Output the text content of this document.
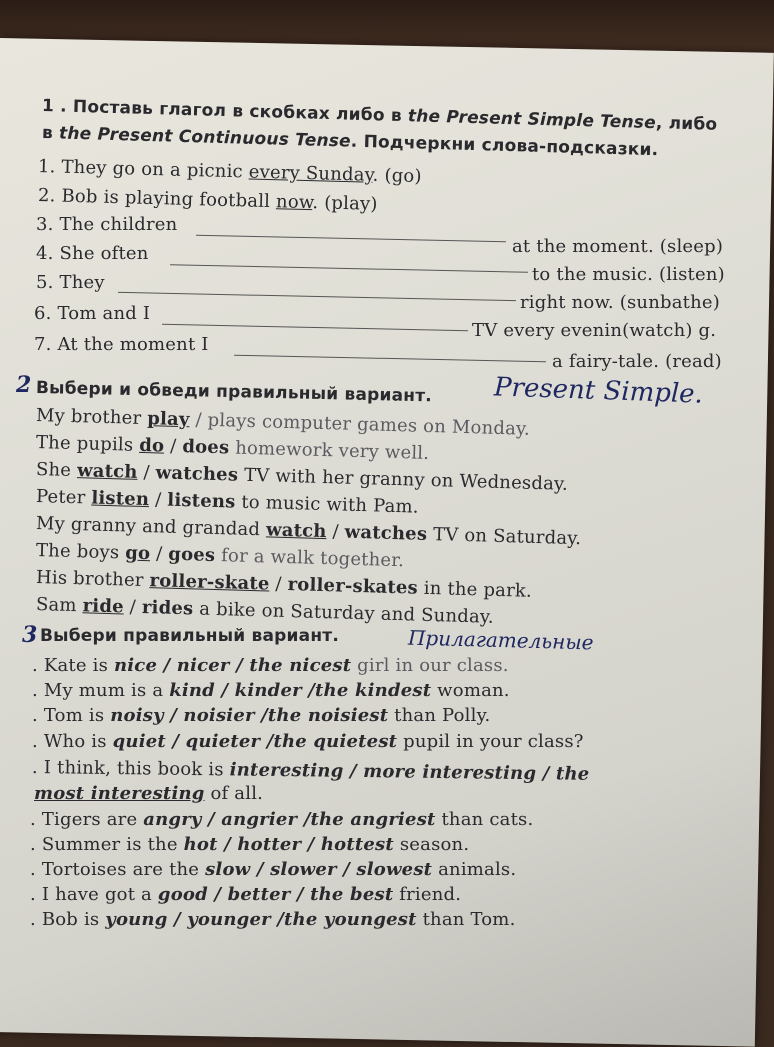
1 . Поставь глагол в скобках либо в the Present Simple Tense, либо
в the Present Continuous Tense. Подчеркни слова-подсказки.
1. They go on a picnic every Sunday. (go)
2. Bob is playing football now. (play)
3. The children
at the moment. (sleep)
4. She often
to the music. (listen)
5. They
right now. (sunbathe)
6. Tom and I
TV every evenin(watch) g.
7. At the moment I
a fairy-tale. (read)
2 Выбери и обведи правильный вариант. Present Simple.
My brother play / plays computer games on Monday.
The pupils do / does homework very well.
She watch / watches TV with her granny on Wednesday.
Peter listen / listens to music with Pam.
My granny and grandad watch / watches TV on Saturday.
The boys go / goes for a walk together.
His brother roller-skate / roller-skates in the park.
Sam ride / rides a bike on Saturday and Sunday.
3 Выбери правильный вариант.	Прилагательные
. Kate is nice / nicer / the nicest girl in our class.
. My mum is a kind / kinder /the kindest woman.
. Tom is noisy / noisier /the noisiest than Polly.
. Who is quiet / quieter /the quietest pupil in your class?
. I think, this book is interesting / more interesting / the
most interesting of all.
. Tigers are angry / angrier /the angriest than cats.
. Summer is the hot / hotter / hottest season.
. Tortoises are the slow / slower / slowest animals.
. I have got a good / better / the best friend.
. Bob is young / younger /the youngest than Tom.
